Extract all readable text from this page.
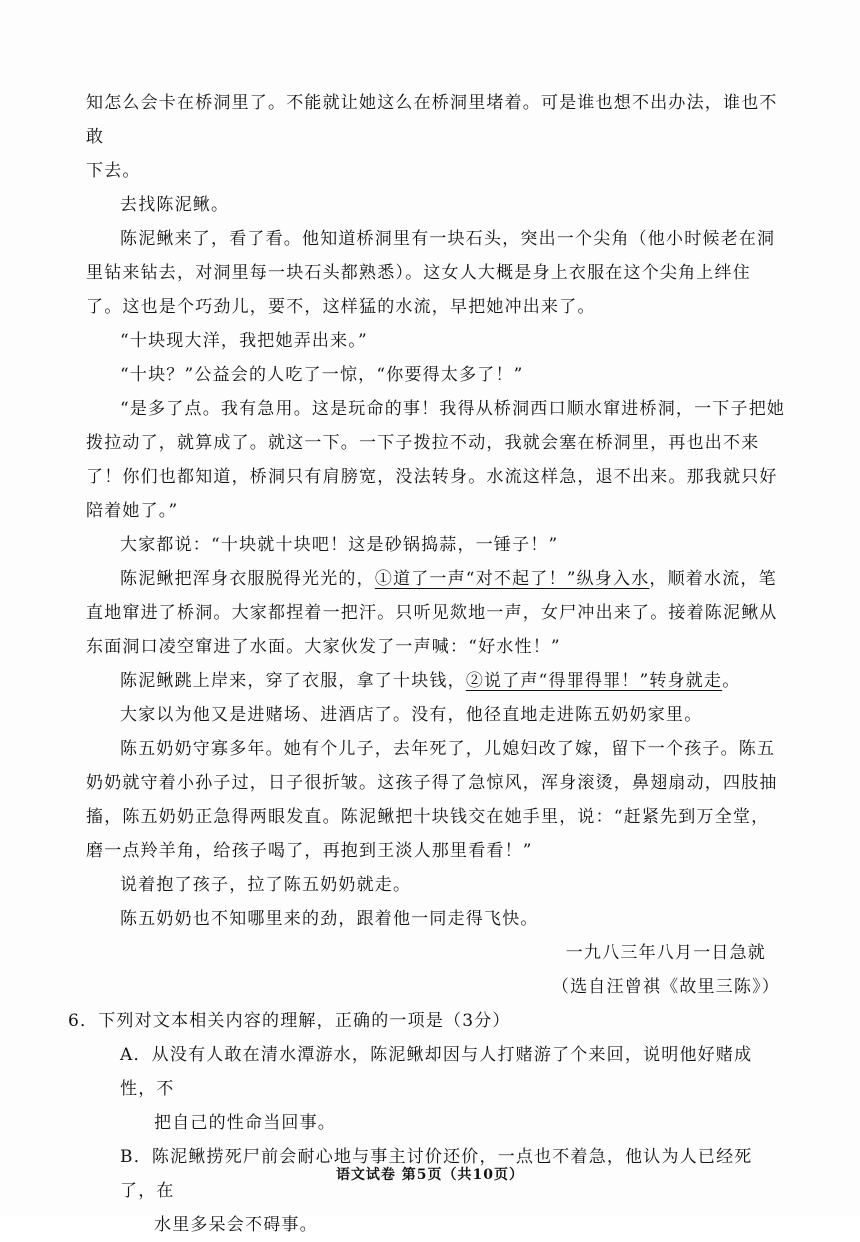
知怎么会卡在桥洞里了。不能就让她这么在桥洞里堵着。可是谁也想不出办法，谁也不敢

下去。

去找陈泥鳅。

陈泥鳅来了，看了看。他知道桥洞里有一块石头，突出一个尖角（他小时候老在洞里钻来钻去，对洞里每一块石头都熟悉）。这女人大概是身上衣服在这个尖角上绊住了。这也是个巧劲儿，要不，这样猛的水流，早把她冲出来了。

“十块现大洋，我把她弄出来。”

“十块？”公益会的人吃了一惊，“你要得太多了！”

“是多了点。我有急用。这是玩命的事！我得从桥洞西口顺水窜进桥洞，一下子把她拨拉动了，就算成了。就这一下。一下子拨拉不动，我就会塞在桥洞里，再也出不来了！你们也都知道，桥洞只有肩膀宽，没法转身。水流这样急，退不出来。那我就只好陪着她了。”

大家都说：“十块就十块吧！这是砂锅捣蒜，一锤子！”

陈泥鳅把浑身衣服脱得光光的，①道了一声“对不起了！”纵身入水，顺着水流，笔直地窜进了桥洞。大家都捏着一把汗。只听见欻地一声，女尸冲出来了。接着陈泥鳅从东面洞口凌空窜进了水面。大家伙发了一声喊：“好水性！”

陈泥鳅跳上岸来，穿了衣服，拿了十块钱，②说了声“得罪得罪！”转身就走。

大家以为他又是进赌场、进酒店了。没有，他径直地走进陈五奶奶家里。

陈五奶奶守寡多年。她有个儿子，去年死了，儿媳妇改了嫁，留下一个孩子。陈五奶奶就守着小孙子过，日子很折皱。这孩子得了急惊风，浑身滚烫，鼻翅扇动，四肢抽搐，陈五奶奶正急得两眼发直。陈泥鳅把十块钱交在她手里，说：“赶紧先到万全堂，磨一点羚羊角，给孩子喝了，再抱到王淡人那里看看！”

说着抱了孩子，拉了陈五奶奶就走。

陈五奶奶也不知哪里来的劲，跟着他一同走得飞快。

一九八三年八月一日急就

（选自汪曾祺《故里三陈》）

6．下列对文本相关内容的理解，正确的一项是（3分）

A．从没有人敢在清水潭游水，陈泥鳅却因与人打赌游了个来回，说明他好赌成性，不
把自己的性命当回事。

B．陈泥鳅捞死尸前会耐心地与事主讨价还价，一点也不着急，他认为人已经死了，在
水里多呆会不碍事。

语文试卷 第5页（共10页）
